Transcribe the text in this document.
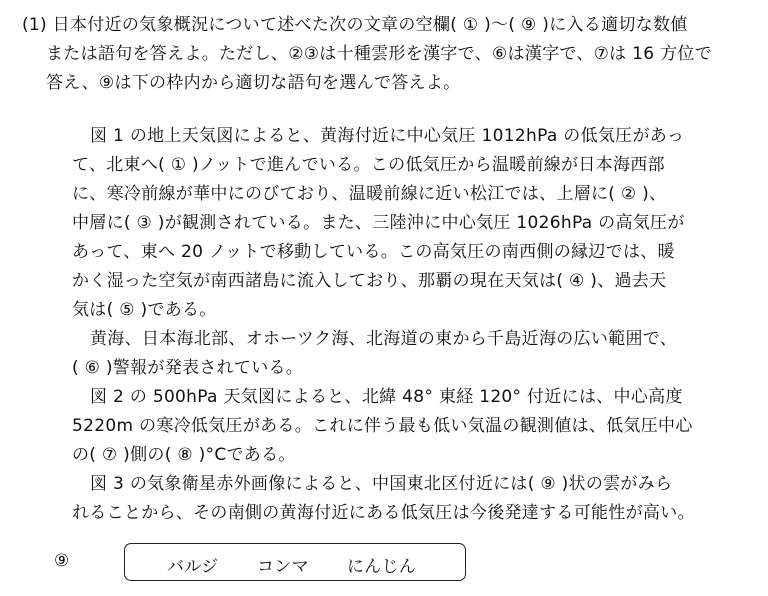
(1) 日本付近の気象概況について述べた次の文章の空欄( ① )～( ⑨ )に入る適切な数値
または語句を答えよ。ただし、②③は十種雲形を漢字で、⑥は漢字で、⑦は 16 方位で
答え、⑨は下の枠内から適切な語句を選んで答えよ。
図 1 の地上天気図によると、黄海付近に中心気圧 1012hPa の低気圧があっ
て、北東へ( ① )ノットで進んでいる。この低気圧から温暖前線が日本海西部
に、寒冷前線が華中にのびており、温暖前線に近い松江では、上層に( ② )、
中層に( ③ )が観測されている。また、三陸沖に中心気圧 1026hPa の高気圧が
あって、東へ 20 ノットで移動している。この高気圧の南西側の縁辺では、暖
かく湿った空気が南西諸島に流入しており、那覇の現在天気は( ④ )、過去天
気は( ⑤ )である。
黄海、日本海北部、オホーツク海、北海道の東から千島近海の広い範囲で、
( ⑥ )警報が発表されている。
図 2 の 500hPa 天気図によると、北緯 48° 東経 120° 付近には、中心高度
5220m の寒冷低気圧がある。これに伴う最も低い気温の観測値は、低気圧中心
の( ⑦ )側の( ⑧ )°Cである。
図 3 の気象衛星赤外画像によると、中国東北区付近には( ⑨ )状の雲がみら
れることから、その南側の黄海付近にある低気圧は今後発達する可能性が高い。
⑨	バルジ コンマ にんじん
